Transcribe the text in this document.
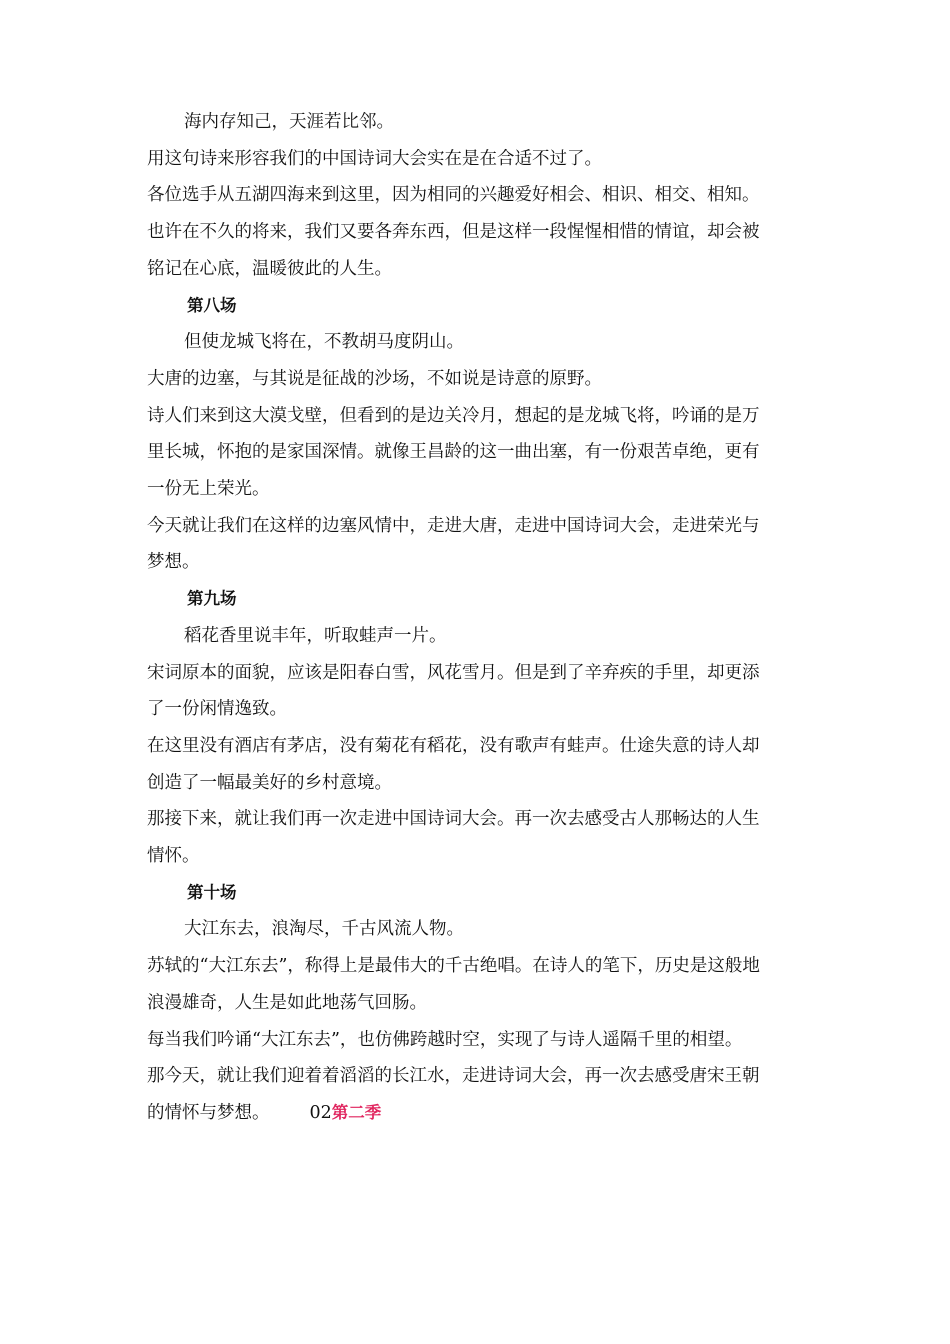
海内存知己，天涯若比邻。

用这句诗来形容我们的中国诗词大会实在是在合适不过了。

各位选手从五湖四海来到这里，因为相同的兴趣爱好相会、相识、相交、相知。

也许在不久的将来，我们又要各奔东西，但是这样一段惺惺相惜的情谊，却会被铭记在心底，温暖彼此的人生。

第八场

但使龙城飞将在，不教胡马度阴山。

大唐的边塞，与其说是征战的沙场，不如说是诗意的原野。

诗人们来到这大漠戈壁，但看到的是边关冷月，想起的是龙城飞将，吟诵的是万里长城，怀抱的是家国深情。就像王昌龄的这一曲出塞，有一份艰苦卓绝，更有一份无上荣光。

今天就让我们在这样的边塞风情中，走进大唐，走进中国诗词大会，走进荣光与梦想。

第九场

稻花香里说丰年，听取蛙声一片。

宋词原本的面貌，应该是阳春白雪，风花雪月。但是到了辛弃疾的手里，却更添了一份闲情逸致。

在这里没有酒店有茅店，没有菊花有稻花，没有歌声有蛙声。仕途失意的诗人却创造了一幅最美好的乡村意境。

那接下来，就让我们再一次走进中国诗词大会。再一次去感受古人那畅达的人生情怀。

第十场

大江东去，浪淘尽，千古风流人物。

苏轼的“大江东去”，称得上是最伟大的千古绝唱。在诗人的笔下，历史是这般地浪漫雄奇，人生是如此地荡气回肠。

每当我们吟诵“大江东去”，也仿佛跨越时空，实现了与诗人遥隔千里的相望。

那今天，就让我们迎着着滔滔的长江水，走进诗词大会，再一次去感受唐宋王朝的情怀与梦想。 02第二季
